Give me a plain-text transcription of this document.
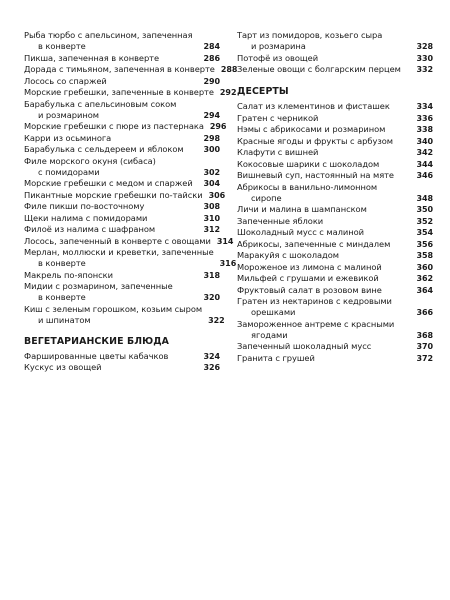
Рыба тюрбо с апельсином, запеченная
в конверте	284
Пикша, запеченная в конверте	286
Дорада с тимьяном, запеченная в конверте 288
Лосось со спаржей	290
Морские гребешки, запеченные в конверте 292
Барабулька с апельсиновым соком
и розмарином	294
Морские гребешки с пюре из пастернака 296
Карри из осьминога	298
Барабулька с сельдереем и яблоком	300
Филе морского окуня (сибаса)
с помидорами	302
Морские гребешки с медом и спаржей	304
Пикантные морские гребешки по-тайски 306
Филе пикши по-восточному	308
Щеки налима с помидорами	310
Филоё из налима с шафраном	312
Лосось, запеченный в конверте с овощами 314
Мерлан, моллюски и креветки, запеченные
в конверте	316
Макрель по-японски	318
Мидии с розмарином, запеченные
в конверте	320
Киш с зеленым горошком, козьим сыром
и шпинатом	322
ВЕГЕТАРИАНСКИЕ БЛЮДА
Фаршированные цветы кабачков	324
Кускус из овощей	326
Тарт из помидоров, козьего сыра
и розмарина	328
Потофё из овощей	330
Зеленые овощи с болгарским перцем	332
ДЕСЕРТЫ
Салат из клементинов и фисташек	334
Гратен с черникой	336
Нэмы с абрикосами и розмарином	338
Красные ягоды и фрукты с арбузом	340
Клафути с вишней	342
Кокосовые шарики с шоколадом	344
Вишневый суп, настоянный на мяте	346
Абрикосы в ванильно-лимонном
сиропе	348
Личи и малина в шампанском	350
Запеченные яблоки	352
Шоколадный мусс с малиной	354
Абрикосы, запеченные с миндалем	356
Маракуйя с шоколадом	358
Мороженое из лимона с малиной	360
Мильфей с грушами и ежевикой	362
Фруктовый салат в розовом вине	364
Гратен из нектаринов с кедровыми
орешками	366
Замороженное антреме с красными
ягодами	368
Запеченный шоколадный мусс	370
Гранита с грушей	372
